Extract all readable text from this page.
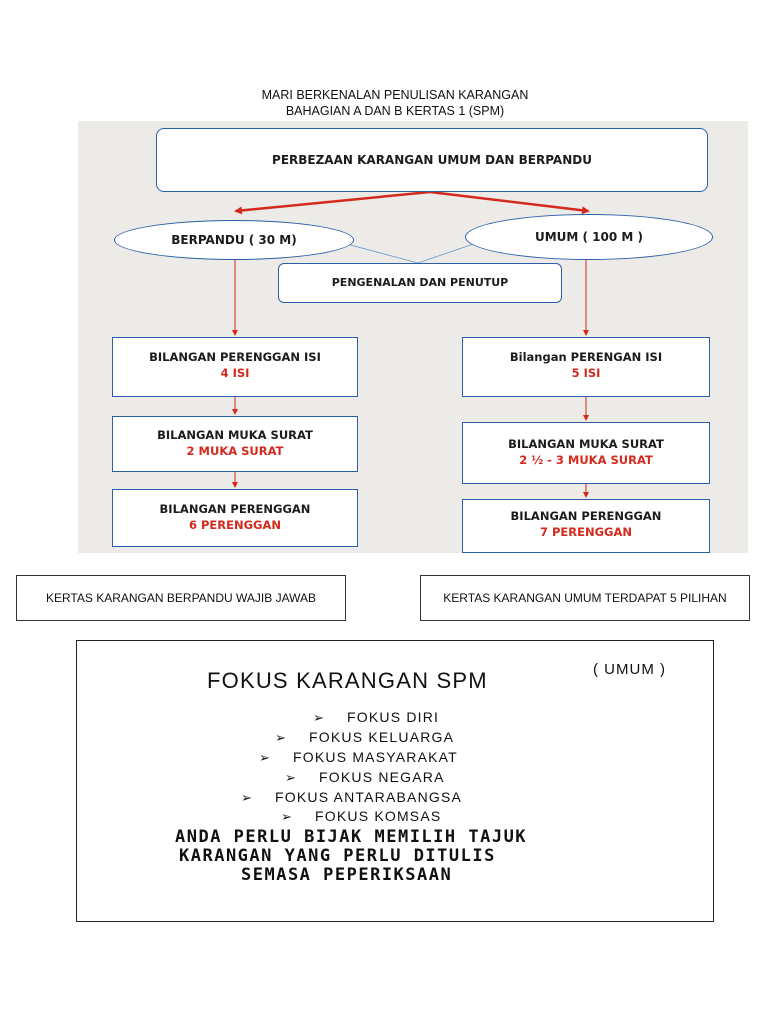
MARI BERKENALAN PENULISAN KARANGAN
BAHAGIAN A DAN B KERTAS 1 (SPM)
PERBEZAAN KARANGAN UMUM DAN BERPANDU
BERPANDU ( 30 M)	UMUM ( 100 M )
PENGENALAN DAN PENUTUP
BILANGAN PERENGGAN ISI
4 ISI
BILANGAN MUKA SURAT
2 MUKA SURAT
BILANGAN PERENGGAN
6 PERENGGAN
Bilangan PERENGAN ISI
5 ISI
BILANGAN MUKA SURAT
2 ½ - 3 MUKA SURAT
BILANGAN PERENGGAN
7 PERENGGAN
KERTAS KARANGAN BERPANDU WAJIB JAWAB	KERTAS KARANGAN UMUM TERDAPAT 5 PILIHAN
FOKUS KARANGAN SPM	( UMUM )
➢ FOKUS DIRI
➢ FOKUS KELUARGA
➢ FOKUS MASYARAKAT
➢ FOKUS NEGARA
➢ FOKUS ANTARABANGSA
➢ FOKUS KOMSAS
ANDA PERLU BIJAK MEMILIH TAJUK
KARANGAN YANG PERLU DITULIS
SEMASA PEPERIKSAAN
